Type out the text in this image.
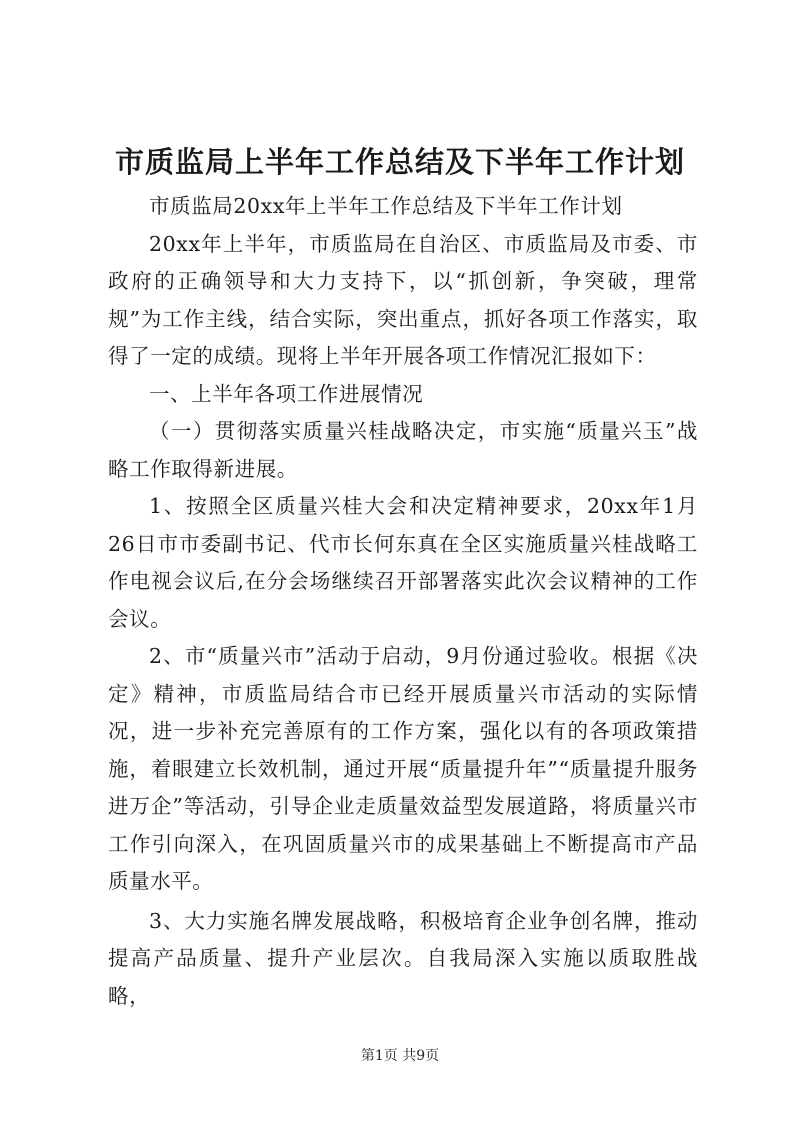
市质监局上半年工作总结及下半年工作计划

市质监局20xx年上半年工作总结及下半年工作计划

20xx年上半年，市质监局在自治区、市质监局及市委、市政府的正确领导和大力支持下，以“抓创新，争突破，理常规”为工作主线，结合实际，突出重点，抓好各项工作落实，取得了一定的成绩。现将上半年开展各项工作情况汇报如下：

一、上半年各项工作进展情况

（一）贯彻落实质量兴桂战略决定，市实施“质量兴玉”战略工作取得新进展。

1、按照全区质量兴桂大会和决定精神要求，20xx年1月26日市市委副书记、代市长何东真在全区实施质量兴桂战略工作电视会议后,在分会场继续召开部署落实此次会议精神的工作会议。

2、市“质量兴市”活动于启动，9月份通过验收。根据《决定》精神，市质监局结合市已经开展质量兴市活动的实际情况，进一步补充完善原有的工作方案，强化以有的各项政策措施，着眼建立长效机制，通过开展“质量提升年”“质量提升服务进万企”等活动，引导企业走质量效益型发展道路，将质量兴市工作引向深入，在巩固质量兴市的成果基础上不断提高市产品质量水平。

3、大力实施名牌发展战略，积极培育企业争创名牌，推动提高产品质量、提升产业层次。自我局深入实施以质取胜战略，

第1页 共9页
